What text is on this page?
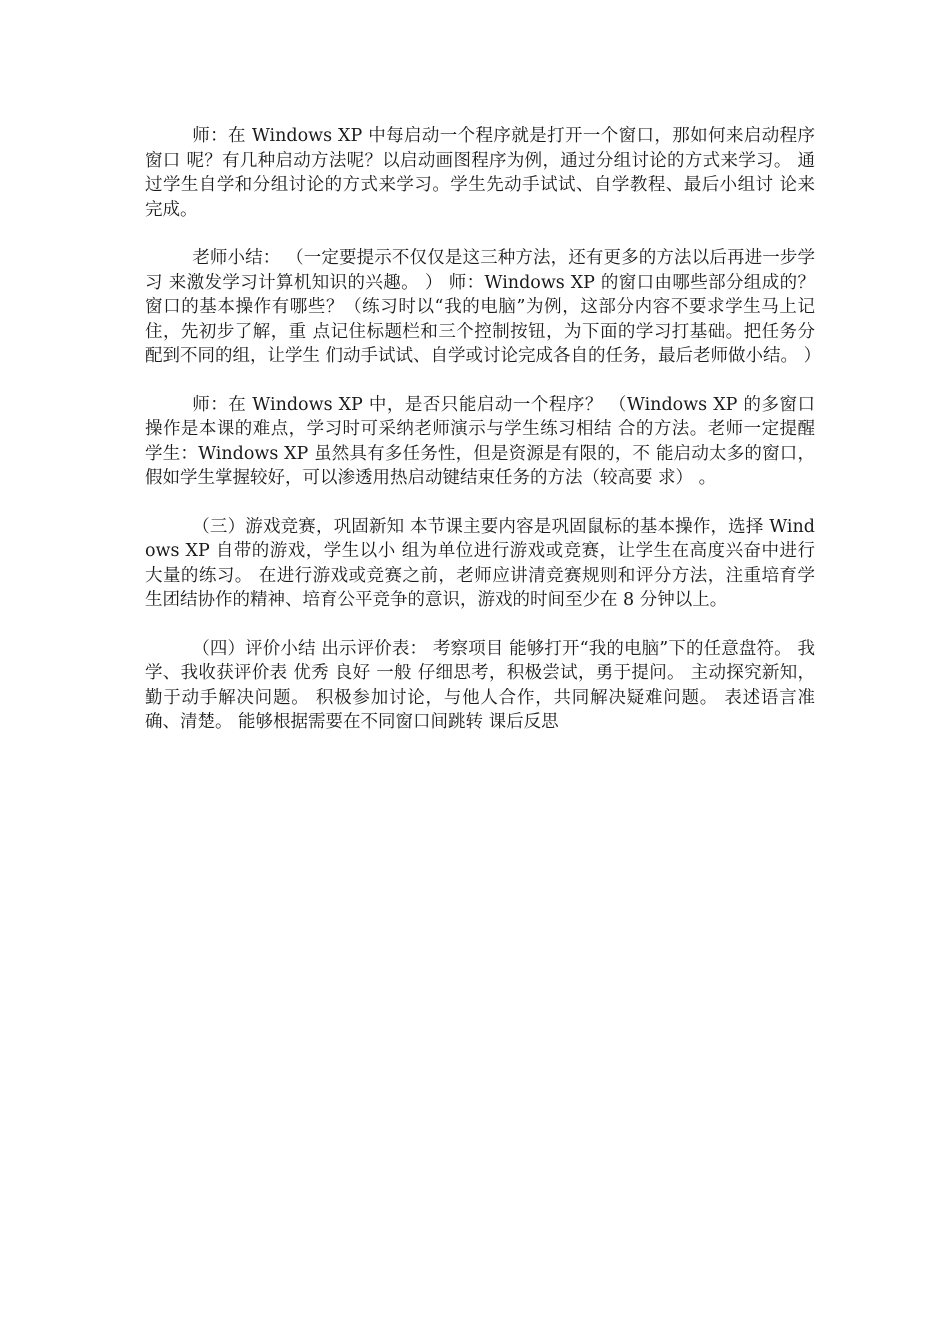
师：在 Windows XP 中每启动一个程序就是打开一个窗口，那如何来启动程序窗口 呢？有几种启动方法呢？以启动画图程序为例，通过分组讨论的方式来学习。 通过学生自学和分组讨论的方式来学习。学生先动手试试、自学教程、最后小组讨 论来完成。

老师小结： （一定要提示不仅仅是这三种方法，还有更多的方法以后再进一步学习 来激发学习计算机知识的兴趣。 ） 师：Windows XP 的窗口由哪些部分组成的？窗口的基本操作有哪些？（练习时以“我的电脑”为例，这部分内容不要求学生马上记住，先初步了解，重 点记住标题栏和三个控制按钮，为下面的学习打基础。把任务分配到不同的组，让学生 们动手试试、自学或讨论完成各自的任务，最后老师做小结。 ）

师：在 Windows XP 中，是否只能启动一个程序？ （Windows XP 的多窗口操作是本课的难点，学习时可采纳老师演示与学生练习相结 合的方法。老师一定提醒学生：Windows XP 虽然具有多任务性，但是资源是有限的，不 能启动太多的窗口，假如学生掌握较好，可以渗透用热启动键结束任务的方法（较高要 求） 。

（三）游戏竞赛，巩固新知 本节课主要内容是巩固鼠标的基本操作，选择 Windows XP 自带的游戏，学生以小 组为单位进行游戏或竞赛，让学生在高度兴奋中进行大量的练习。 在进行游戏或竞赛之前，老师应讲清竞赛规则和评分方法，注重培育学生团结协作的精神、培育公平竞争的意识，游戏的时间至少在 8 分钟以上。

（四）评价小结 出示评价表： 考察项目 能够打开“我的电脑”下的任意盘符。 我学、我收获评价表 优秀 良好 一般 仔细思考，积极尝试，勇于提问。 主动探究新知，勤于动手解决问题。 积极参加讨论，与他人合作，共同解决疑难问题。 表述语言准确、清楚。 能够根据需要在不同窗口间跳转 课后反思
